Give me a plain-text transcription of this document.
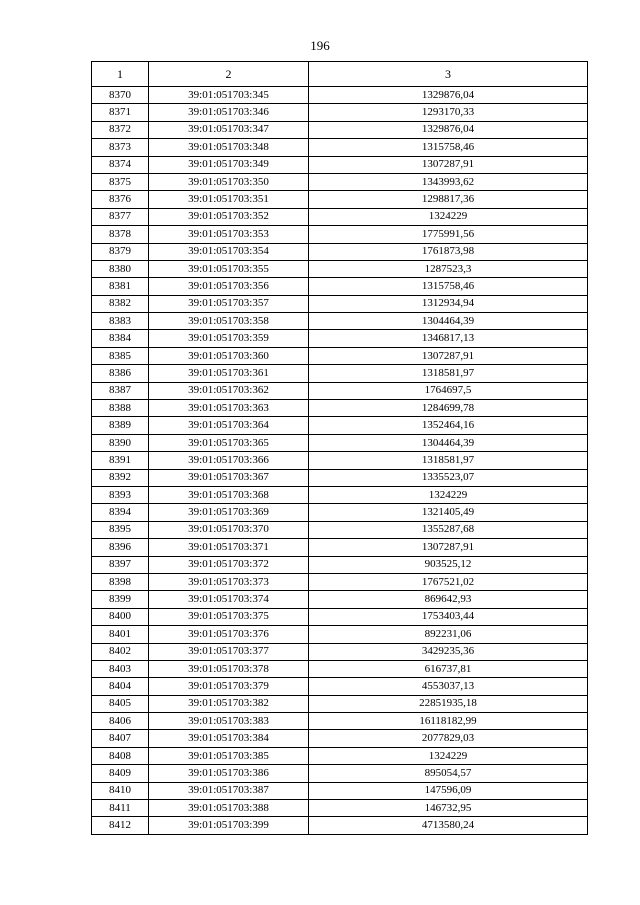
196
1	2	3
8370	39:01:051703:345	1329876,04
8371	39:01:051703:346	1293170,33
8372	39:01:051703:347	1329876,04
8373	39:01:051703:348	1315758,46
8374	39:01:051703:349	1307287,91
8375	39:01:051703:350	1343993,62
8376	39:01:051703:351	1298817,36
8377	39:01:051703:352	1324229
8378	39:01:051703:353	1775991,56
8379	39:01:051703:354	1761873,98
8380	39:01:051703:355	1287523,3
8381	39:01:051703:356	1315758,46
8382	39:01:051703:357	1312934,94
8383	39:01:051703:358	1304464,39
8384	39:01:051703:359	1346817,13
8385	39:01:051703:360	1307287,91
8386	39:01:051703:361	1318581,97
8387	39:01:051703:362	1764697,5
8388	39:01:051703:363	1284699,78
8389	39:01:051703:364	1352464,16
8390	39:01:051703:365	1304464,39
8391	39:01:051703:366	1318581,97
8392	39:01:051703:367	1335523,07
8393	39:01:051703:368	1324229
8394	39:01:051703:369	1321405,49
8395	39:01:051703:370	1355287,68
8396	39:01:051703:371	1307287,91
8397	39:01:051703:372	903525,12
8398	39:01:051703:373	1767521,02
8399	39:01:051703:374	869642,93
8400	39:01:051703:375	1753403,44
8401	39:01:051703:376	892231,06
8402	39:01:051703:377	3429235,36
8403	39:01:051703:378	616737,81
8404	39:01:051703:379	4553037,13
8405	39:01:051703:382	22851935,18
8406	39:01:051703:383	16118182,99
8407	39:01:051703:384	2077829,03
8408	39:01:051703:385	1324229
8409	39:01:051703:386	895054,57
8410	39:01:051703:387	147596,09
8411	39:01:051703:388	146732,95
8412	39:01:051703:399	4713580,24
